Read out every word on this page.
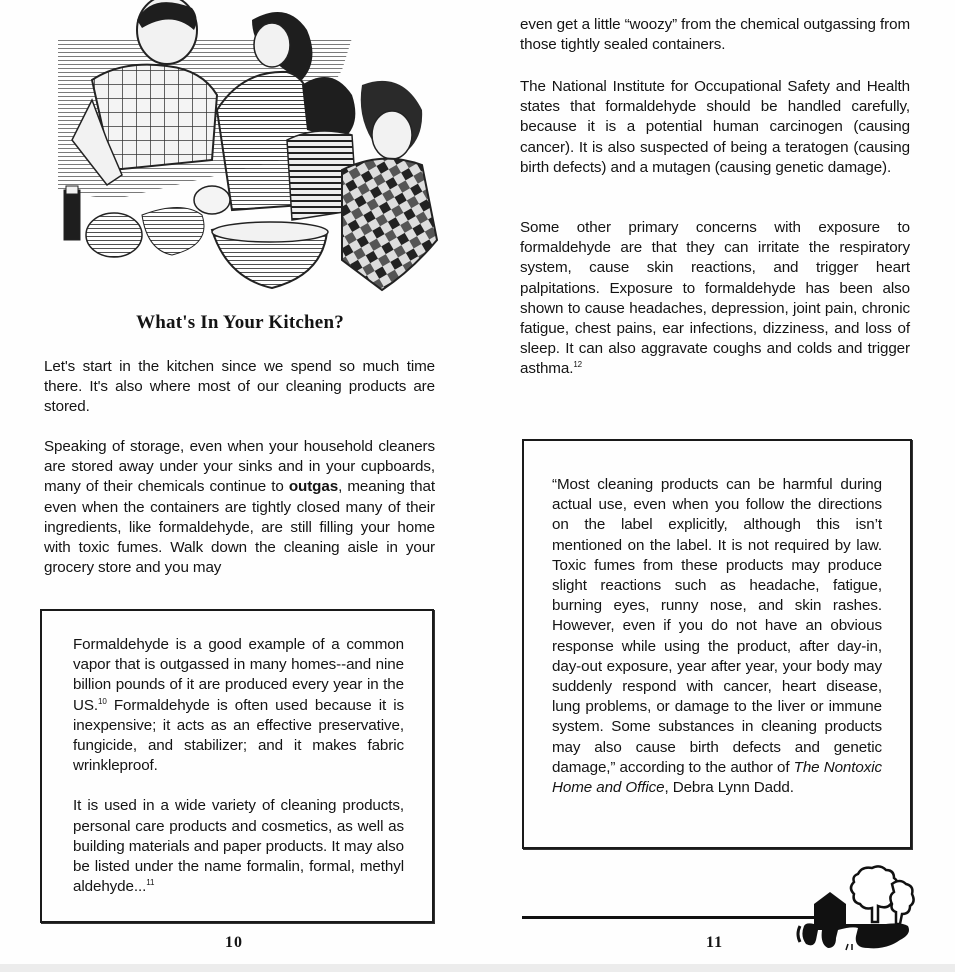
What's In Your Kitchen?

Let's start in the kitchen since we spend so much time there. It's also where most of our cleaning products are stored.

Speaking of storage, even when your household cleaners are stored away under your sinks and in your cupboards, many of their chemicals continue to outgas, meaning that even when the containers are tightly closed many of their ingredients, like formaldehyde, are still filling your home with toxic fumes. Walk down the cleaning aisle in your grocery store and you may

Formaldehyde is a good example of a common vapor that is outgassed in many homes--and nine billion pounds of it are produced every year in the US.$^{10}$ Formaldehyde is often used because it is inexpensive; it acts as an effective preservative, fungicide, and stabilizer; and it makes fabric wrinkleproof.

It is used in a wide variety of cleaning products, personal care products and cosmetics, as well as building materials and paper products. It may also be listed under the name formalin, formal, methyl aldehyde...$^{11}$

10

even get a little “woozy” from the chemical outgassing from those tightly sealed containers.

The National Institute for Occupational Safety and Health states that formaldehyde should be handled carefully, because it is a potential human carcinogen (causing cancer). It is also suspected of being a teratogen (causing birth defects) and a mutagen (causing genetic damage).

Some other primary concerns with exposure to formaldehyde are that they can irritate the respiratory system, cause skin reactions, and trigger heart palpitations. Exposure to formaldehyde has been also shown to cause headaches, depression, joint pain, chronic fatigue, chest pains, ear infections, dizziness, and loss of sleep. It can also aggravate coughs and colds and trigger asthma.$^{12}$

“Most cleaning products can be harmful during actual use, even when you follow the directions on the label explicitly, although this isn’t mentioned on the label. It is not required by law. Toxic fumes from these products may produce slight reactions such as headache, fatigue, burning eyes, runny nose, and skin rashes. However, even if you do not have an obvious response while using the product, after day-in, day-out exposure, year after year, your body may suddenly respond with cancer, heart disease, lung problems, or damage to the liver or immune system. Some substances in cleaning products may also cause birth defects and genetic damage,” according to the author of The Nontoxic Home and Office, Debra Lynn Dadd.

11
